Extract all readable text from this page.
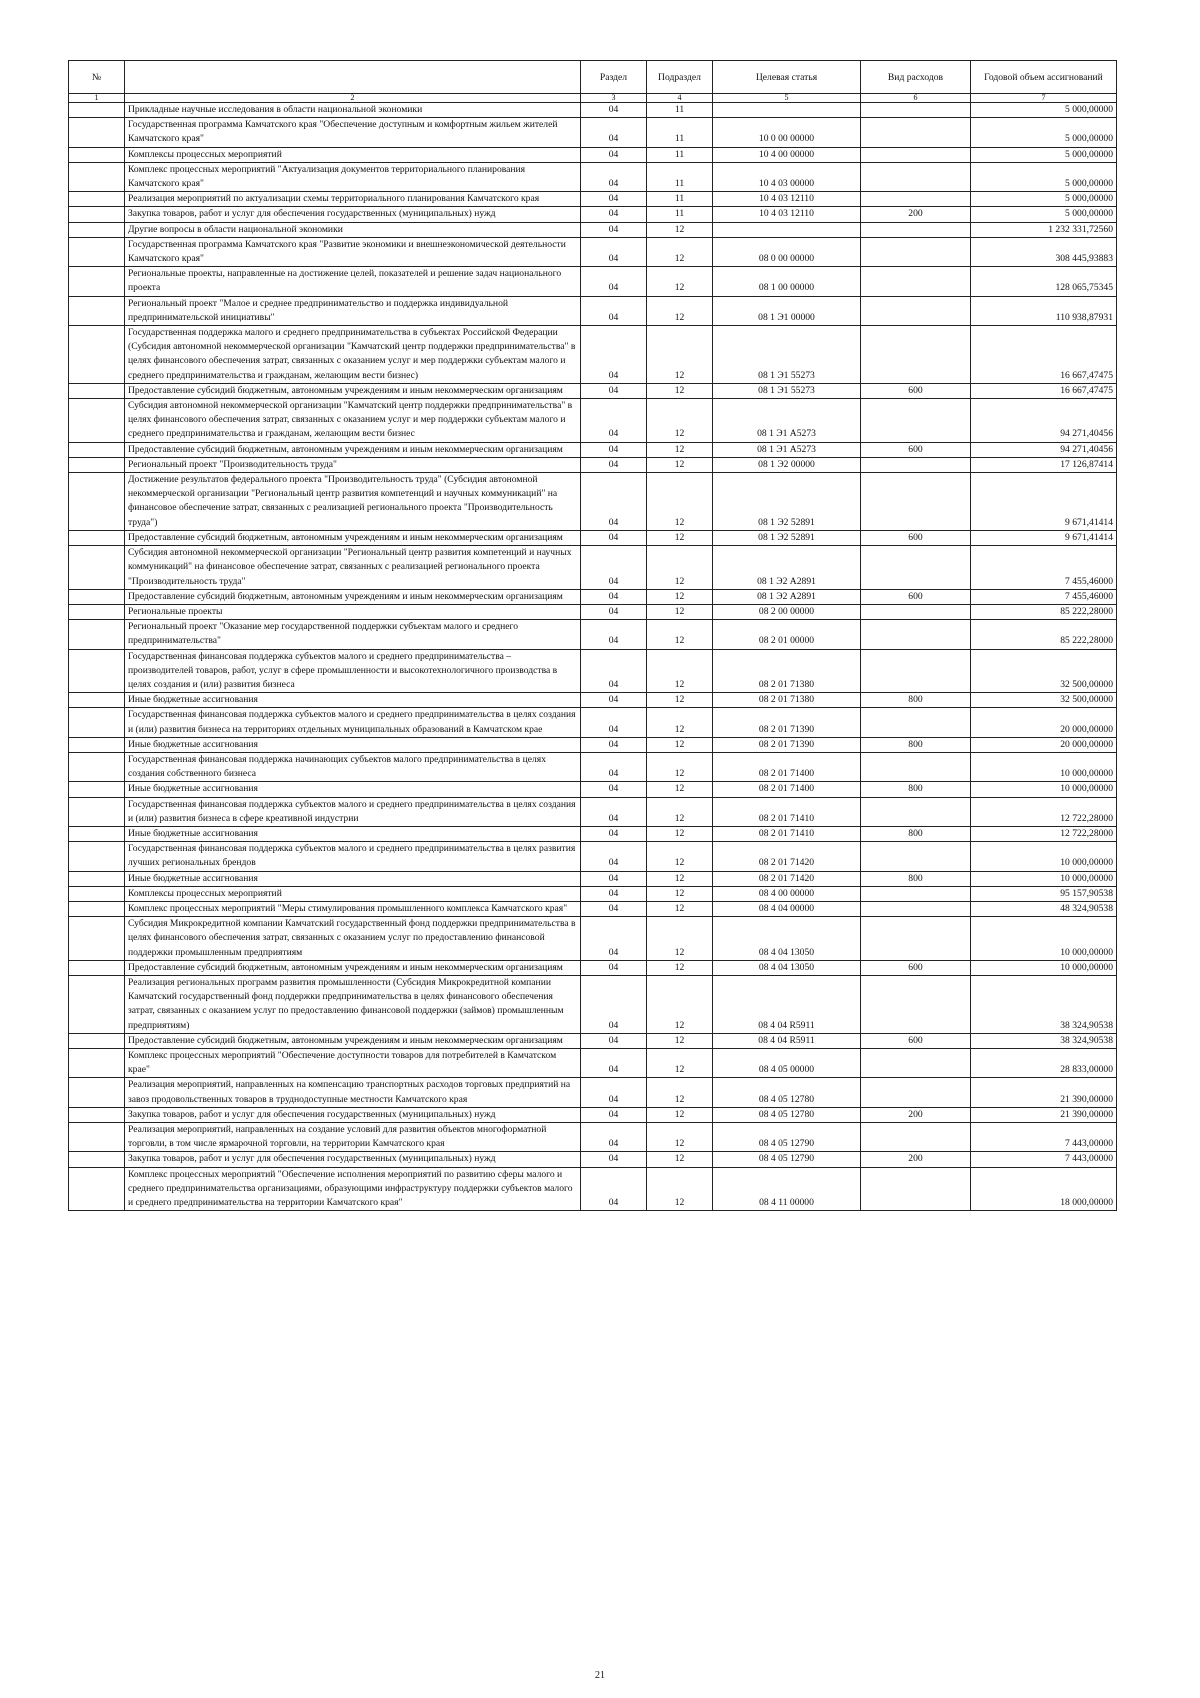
№		Раздел	Подраздел	Целевая статья	Вид расходов	Годовой объем ассигнований
1	2	3	4	5	6	7
	Прикладные научные исследования в области национальной экономики	04	11			5 000,00000
	Государственная программа Камчатского края "Обеспечение доступным и комфортным жильем жителей Камчатского края"	04	11	10 0 00 00000		5 000,00000
	Комплексы процессных мероприятий	04	11	10 4 00 00000		5 000,00000
	Комплекс процессных мероприятий "Актуализация документов территориального планирования Камчатского края"	04	11	10 4 03 00000		5 000,00000
	Реализация мероприятий по актуализации схемы территориального планирования Камчатского края	04	11	10 4 03 12110		5 000,00000
	Закупка товаров, работ и услуг для обеспечения государственных (муниципальных) нужд	04	11	10 4 03 12110	200	5 000,00000
	Другие вопросы в области национальной экономики	04	12			1 232 331,72560
	Государственная программа Камчатского края "Развитие экономики и внешнеэкономической деятельности Камчатского края"	04	12	08 0 00 00000		308 445,93883
	Региональные проекты, направленные на достижение целей, показателей и решение задач национального проекта	04	12	08 1 00 00000		128 065,75345
	Региональный проект "Малое и среднее предпринимательство и поддержка индивидуальной предпринимательской инициативы"	04	12	08 1 Э1 00000		110 938,87931
	Государственная поддержка малого и среднего предпринимательства в субъектах Российской Федерации (Субсидия автономной некоммерческой организации "Камчатский центр поддержки предпринимательства" в целях финансового обеспечения затрат, связанных с оказанием услуг и мер поддержки субъектам малого и среднего предпринимательства и гражданам, желающим вести бизнес)	04	12	08 1 Э1 55273		16 667,47475
	Предоставление субсидий бюджетным, автономным учреждениям и иным некоммерческим организациям	04	12	08 1 Э1 55273	600	16 667,47475
	Субсидия автономной некоммерческой организации "Камчатский центр поддержки предпринимательства" в целях финансового обеспечения затрат, связанных с оказанием услуг и мер поддержки субъектам малого и среднего предпринимательства и гражданам, желающим вести бизнес	04	12	08 1 Э1 А5273		94 271,40456
	Предоставление субсидий бюджетным, автономным учреждениям и иным некоммерческим организациям	04	12	08 1 Э1 А5273	600	94 271,40456
	Региональный проект "Производительность труда"	04	12	08 1 Э2 00000		17 126,87414
	Достижение результатов федерального проекта "Производительность труда" (Субсидия автономной некоммерческой организации "Региональный центр развития компетенций и научных коммуникаций" на финансовое обеспечение затрат, связанных с реализацией регионального проекта "Производительность труда")	04	12	08 1 Э2 52891		9 671,41414
	Предоставление субсидий бюджетным, автономным учреждениям и иным некоммерческим организациям	04	12	08 1 Э2 52891	600	9 671,41414
	Субсидия автономной некоммерческой организации "Региональный центр развития компетенций и научных коммуникаций" на финансовое обеспечение затрат, связанных с реализацией регионального проекта "Производительность труда"	04	12	08 1 Э2 А2891		7 455,46000
	Предоставление субсидий бюджетным, автономным учреждениям и иным некоммерческим организациям	04	12	08 1 Э2 А2891	600	7 455,46000
	Региональные проекты	04	12	08 2 00 00000		85 222,28000
	Региональный проект "Оказание мер государственной поддержки субъектам малого и среднего предпринимательства"	04	12	08 2 01 00000		85 222,28000
	Государственная финансовая поддержка субъектов малого и среднего предпринимательства – производителей товаров, работ, услуг в сфере промышленности и высокотехнологичного производства в целях создания и (или) развития бизнеса	04	12	08 2 01 71380		32 500,00000
	Иные бюджетные ассигнования	04	12	08 2 01 71380	800	32 500,00000
	Государственная финансовая поддержка субъектов малого и среднего предпринимательства в целях создания и (или) развития бизнеса на территориях отдельных муниципальных образований в Камчатском крае	04	12	08 2 01 71390		20 000,00000
	Иные бюджетные ассигнования	04	12	08 2 01 71390	800	20 000,00000
	Государственная финансовая поддержка начинающих субъектов малого предпринимательства в целях создания собственного бизнеса	04	12	08 2 01 71400		10 000,00000
	Иные бюджетные ассигнования	04	12	08 2 01 71400	800	10 000,00000
	Государственная финансовая поддержка субъектов малого и среднего предпринимательства в целях создания и (или) развития бизнеса в сфере креативной индустрии	04	12	08 2 01 71410		12 722,28000
	Иные бюджетные ассигнования	04	12	08 2 01 71410	800	12 722,28000
	Государственная финансовая поддержка субъектов малого и среднего предпринимательства в целях развития лучших региональных брендов	04	12	08 2 01 71420		10 000,00000
	Иные бюджетные ассигнования	04	12	08 2 01 71420	800	10 000,00000
	Комплексы процессных мероприятий	04	12	08 4 00 00000		95 157,90538
	Комплекс процессных мероприятий "Меры стимулирования промышленного комплекса Камчатского края"	04	12	08 4 04 00000		48 324,90538
	Субсидия Микрокредитной компании Камчатский государственный фонд поддержки предпринимательства в целях финансового обеспечения затрат, связанных с оказанием услуг по предоставлению финансовой поддержки промышленным предприятиям	04	12	08 4 04 13050		10 000,00000
	Предоставление субсидий бюджетным, автономным учреждениям и иным некоммерческим организациям	04	12	08 4 04 13050	600	10 000,00000
	Реализация региональных программ развития промышленности (Субсидия Микрокредитной компании Камчатский государственный фонд поддержки предпринимательства в целях финансового обеспечения затрат, связанных с оказанием услуг по предоставлению финансовой поддержки (займов) промышленным предприятиям)	04	12	08 4 04 R5911		38 324,90538
	Предоставление субсидий бюджетным, автономным учреждениям и иным некоммерческим организациям	04	12	08 4 04 R5911	600	38 324,90538
	Комплекс процессных мероприятий "Обеспечение доступности товаров для потребителей в Камчатском крае"	04	12	08 4 05 00000		28 833,00000
	Реализация мероприятий, направленных на компенсацию транспортных расходов торговых предприятий на завоз продовольственных товаров в труднодоступные местности Камчатского края	04	12	08 4 05 12780		21 390,00000
	Закупка товаров, работ и услуг для обеспечения государственных (муниципальных) нужд	04	12	08 4 05 12780	200	21 390,00000
	Реализация мероприятий, направленных на создание условий для развития объектов многоформатной торговли, в том числе ярмарочной торговли, на территории Камчатского края	04	12	08 4 05 12790		7 443,00000
	Закупка товаров, работ и услуг для обеспечения государственных (муниципальных) нужд	04	12	08 4 05 12790	200	7 443,00000
	Комплекс процессных мероприятий "Обеспечение исполнения мероприятий по развитию сферы малого и среднего предпринимательства организациями, образующими инфраструктуру поддержки субъектов малого и среднего предпринимательства на территории Камчатского края"	04	12	08 4 11 00000		18 000,00000
21
